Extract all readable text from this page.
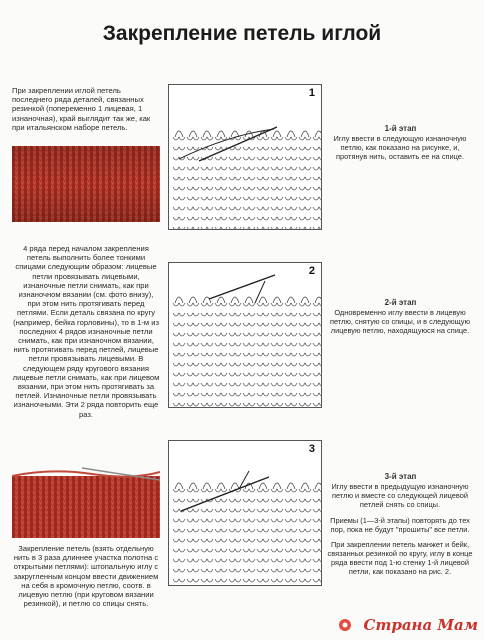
Закрепление петель иглой

При закреплении иглой петель последнего ряда деталей, связанных резинкой (попеременно 1 лицевая, 1 изнаночная), край выглядит так же, как при итальянском наборе петель.

4 ряда перед началом закрепления петель выполнить более тонкими спицами следующим образом: лицевые петли провязывать лицевыми, изнаночные петли снимать, как при изнаночном вязании (см. фото внизу), при этом нить протягивать перед петлями. Если деталь связана по кругу (например, бейка горловины), то в 1-м из последних 4 рядов изнаночные петли снимать, как при изнаночном вязании, нить протягивать перед петлей, лицевые петли провязывать лицевыми. В следующем ряду кругового вязания лицевые петли снимать, как при лицевом вязании, при этом нить протягивать за петлей. Изнаночные петли провязывать изнаночными. Эти 2 ряда повторить еще раз.

Закрепление петель (взять отдельную нить в 3 раза длиннее участка полотна с открытыми петлями): штопальную иглу с закругленным концом ввести движением на себя в кромочную петлю, соотв. в лицевую петлю (при круговом вязании резинкой), и петлю со спицы снять.

1
2
3
1-й этап
Иглу ввести в следующую изнаночную петлю, как показано на рисунке, и, протянув нить, оставить ее на спице.
2-й этап
Одновременно иглу ввести в лицевую петлю, снятую со спицы, и в следующую лицевую петлю, находящуюся на спице.
3-й этап
Иглу ввести в предыдущую изнаночную петлю и вместе со следующей лицевой петлей снять со спицы.
Приемы (1—3-й этапы) повторять до тех пор, пока не будут "прошиты" все петли.
При закреплении петель манжет и бейк, связанных резинкой по кругу, иглу в конце ряда ввести под 1-ю стенку 1-й лицевой петли, как показано на рис. 2.
Страна Мам
